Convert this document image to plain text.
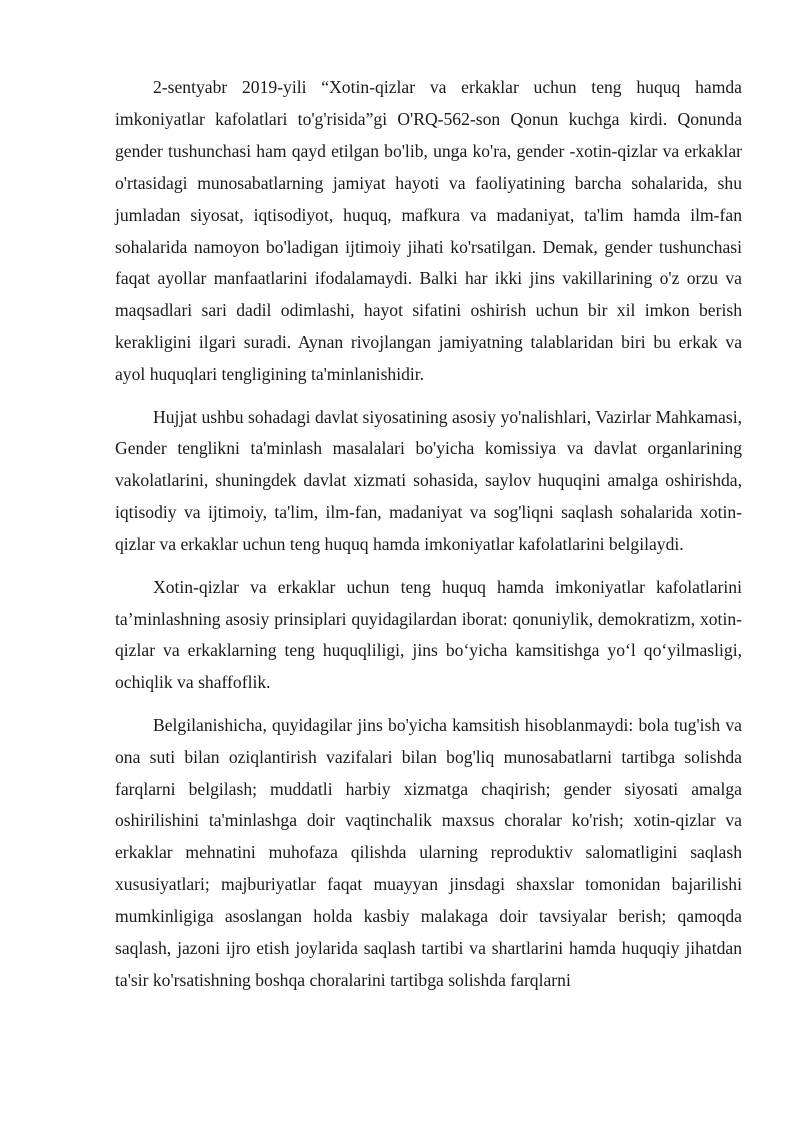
2-sentyabr 2019-yili “Xotin-qizlar va erkaklar uchun teng huquq hamda imkoniyatlar kafolatlari to'g'risida”gi O'RQ-562-son Qonun kuchga kirdi. Qonunda gender tushunchasi ham qayd etilgan bo'lib, unga ko'ra, gender -xotin-qizlar va erkaklar o'rtasidagi munosabatlarning jamiyat hayoti va faoliyatining barcha sohalarida, shu jumladan siyosat, iqtisodiyot, huquq, mafkura va madaniyat, ta'lim hamda ilm-fan sohalarida namoyon bo'ladigan ijtimoiy jihati ko'rsatilgan. Demak, gender tushunchasi faqat ayollar manfaatlarini ifodalamaydi. Balki har ikki jins vakillarining o'z orzu va maqsadlari sari dadil odimlashi, hayot sifatini oshirish uchun bir xil imkon berish kerakligini ilgari suradi. Aynan rivojlangan jamiyatning talablaridan biri bu erkak va ayol huquqlari tengligining ta'minlanishidir.

Hujjat ushbu sohadagi davlat siyosatining asosiy yo'nalishlari, Vazirlar Mahkamasi, Gender tenglikni ta'minlash masalalari bo'yicha komissiya va davlat organlarining vakolatlarini, shuningdek davlat xizmati sohasida, saylov huquqini amalga oshirishda, iqtisodiy va ijtimoiy, ta'lim, ilm-fan, madaniyat va sog'liqni saqlash sohalarida xotin-qizlar va erkaklar uchun teng huquq hamda imkoniyatlar kafolatlarini belgilaydi.

Xotin-qizlar va erkaklar uchun teng huquq hamda imkoniyatlar kafolatlarini ta’minlashning asosiy prinsiplari quyidagilardan iborat: qonuniylik, demokratizm, xotin-qizlar va erkaklarning teng huquqliligi, jins bo‘yicha kamsitishga yo‘l qo‘yilmasligi, ochiqlik va shaffoflik.

Belgilanishicha, quyidagilar jins bo'yicha kamsitish hisoblanmaydi: bola tug'ish va ona suti bilan oziqlantirish vazifalari bilan bog'liq munosabatlarni tartibga solishda farqlarni belgilash; muddatli harbiy xizmatga chaqirish; gender siyosati amalga oshirilishini ta'minlashga doir vaqtinchalik maxsus choralar ko'rish; xotin-qizlar va erkaklar mehnatini muhofaza qilishda ularning reproduktiv salomatligini saqlash xususiyatlari; majburiyatlar faqat muayyan jinsdagi shaxslar tomonidan bajarilishi mumkinligiga asoslangan holda kasbiy malakaga doir tavsiyalar berish; qamoqda saqlash, jazoni ijro etish joylarida saqlash tartibi va shartlarini hamda huquqiy jihatdan ta'sir ko'rsatishning boshqa choralarini tartibga solishda farqlarni
